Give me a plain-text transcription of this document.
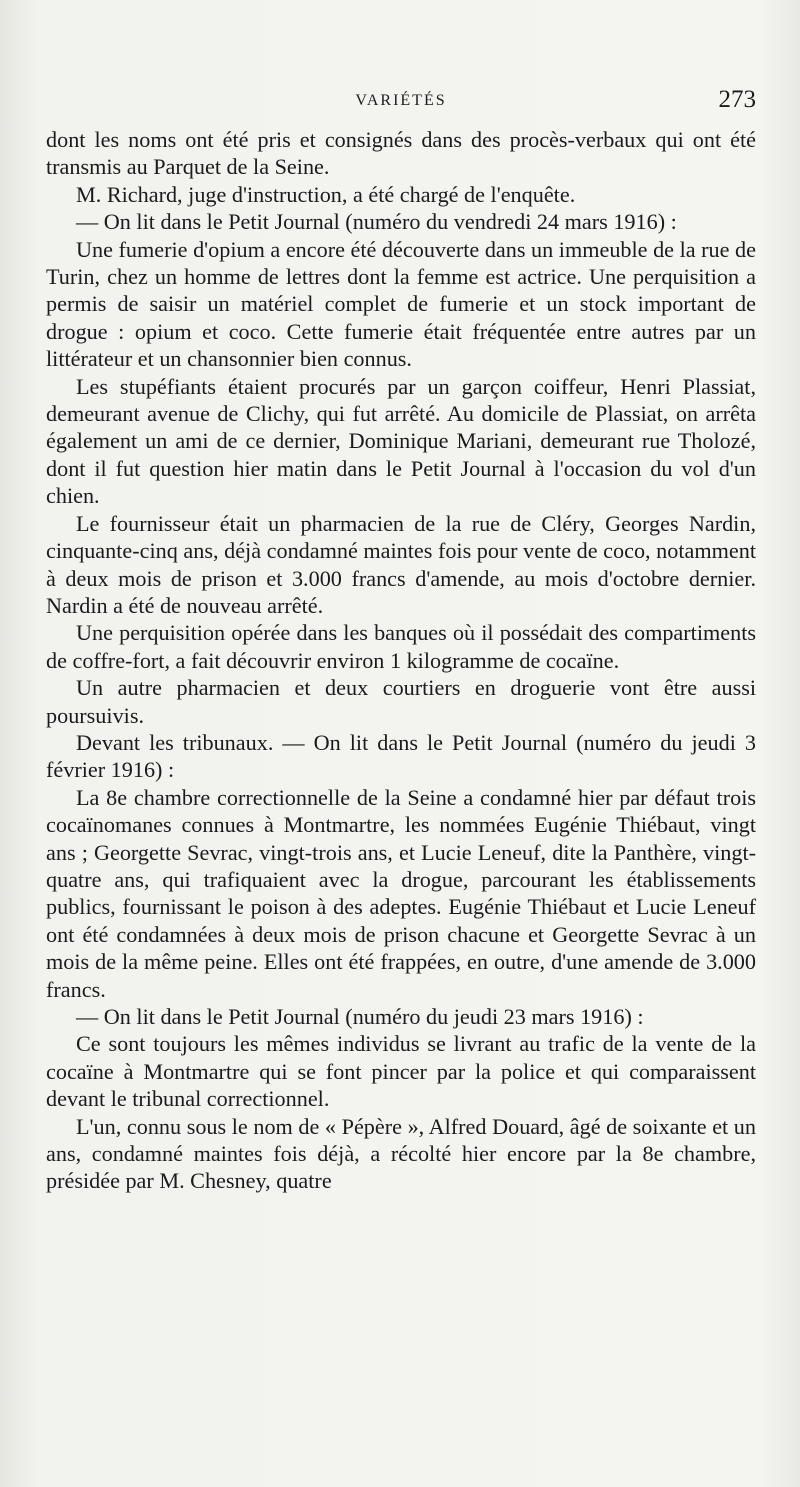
VARIÉTÉS	273

dont les noms ont été pris et consignés dans des procès-verbaux qui ont été transmis au Parquet de la Seine.

M. Richard, juge d'instruction, a été chargé de l'enquête.

— On lit dans le Petit Journal (numéro du vendredi 24 mars 1916) :

Une fumerie d'opium a encore été découverte dans un immeuble de la rue de Turin, chez un homme de lettres dont la femme est actrice. Une perquisition a permis de saisir un matériel complet de fumerie et un stock important de drogue : opium et coco. Cette fumerie était fréquentée entre autres par un littérateur et un chansonnier bien connus.

Les stupéfiants étaient procurés par un garçon coiffeur, Henri Plassiat, demeurant avenue de Clichy, qui fut arrêté. Au domicile de Plassiat, on arrêta également un ami de ce dernier, Dominique Mariani, demeurant rue Tholozé, dont il fut question hier matin dans le Petit Journal à l'occasion du vol d'un chien.

Le fournisseur était un pharmacien de la rue de Cléry, Georges Nardin, cinquante-cinq ans, déjà condamné maintes fois pour vente de coco, notamment à deux mois de prison et 3.000 francs d'amende, au mois d'octobre dernier. Nardin a été de nouveau arrêté.

Une perquisition opérée dans les banques où il possédait des compartiments de coffre-fort, a fait découvrir environ 1 kilogramme de cocaïne.

Un autre pharmacien et deux courtiers en droguerie vont être aussi poursuivis.

Devant les tribunaux. — On lit dans le Petit Journal (numéro du jeudi 3 février 1916) :

La 8e chambre correctionnelle de la Seine a condamné hier par défaut trois cocaïnomanes connues à Montmartre, les nommées Eugénie Thiébaut, vingt ans ; Georgette Sevrac, vingt-trois ans, et Lucie Leneuf, dite la Panthère, vingt-quatre ans, qui trafiquaient avec la drogue, parcourant les établissements publics, fournissant le poison à des adeptes. Eugénie Thiébaut et Lucie Leneuf ont été condamnées à deux mois de prison chacune et Georgette Sevrac à un mois de la même peine. Elles ont été frappées, en outre, d'une amende de 3.000 francs.

— On lit dans le Petit Journal (numéro du jeudi 23 mars 1916) :

Ce sont toujours les mêmes individus se livrant au trafic de la vente de la cocaïne à Montmartre qui se font pincer par la police et qui comparaissent devant le tribunal correctionnel.

L'un, connu sous le nom de « Pépère », Alfred Douard, âgé de soixante et un ans, condamné maintes fois déjà, a récolté hier encore par la 8e chambre, présidée par M. Chesney, quatre
